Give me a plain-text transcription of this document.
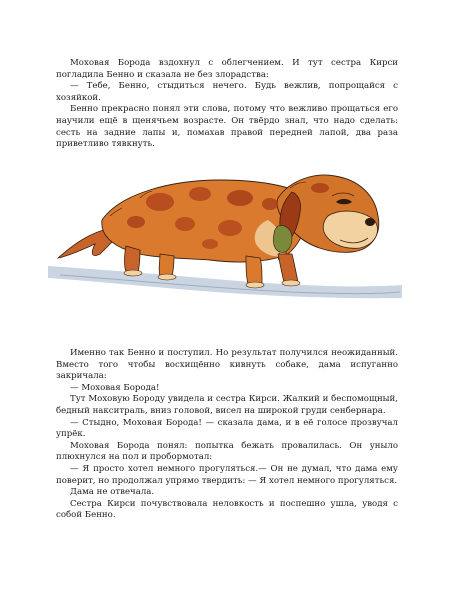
Моховая Борода вздохнул с облегчением. И тут сестра Кирси погладила Бенно и сказала не без злорадства:

— Тебе, Бенно, стыдиться нечего. Будь вежлив, попрощайся с хозяйкой.

Бенно прекрасно понял эти слова, потому что вежливо прощаться его научили ещё в щенячьем возрасте. Он твёрдо знал, что надо сделать: сесть на задние лапы и, помахав правой передней лапой, два раза приветливо тявкнуть.

Именно так Бенно и поступил. Но результат получился неожиданный. Вместо того чтобы восхищённо кивнуть собаке, дама испуганно закричала:

— Моховая Борода!

Тут Моховую Бороду увидела и сестра Кирси. Жалкий и беспомощный, бедный накситраль, вниз головой, висел на широкой груди сенбернара.

— Стыдно, Моховая Борода! — сказала дама, и в её голосе прозвучал упрёк.

Моховая Борода понял: попытка бежать провалилась. Он уныло плюхнулся на пол и пробормотал:

— Я просто хотел немного прогуляться.— Он не думал, что дама ему поверит, но продолжал упрямо твердить: — Я хотел немного прогуляться.

Дама не отвечала.

Сестра Кирси почувствовала неловкость и поспешно ушла, уводя с собой Бенно.
